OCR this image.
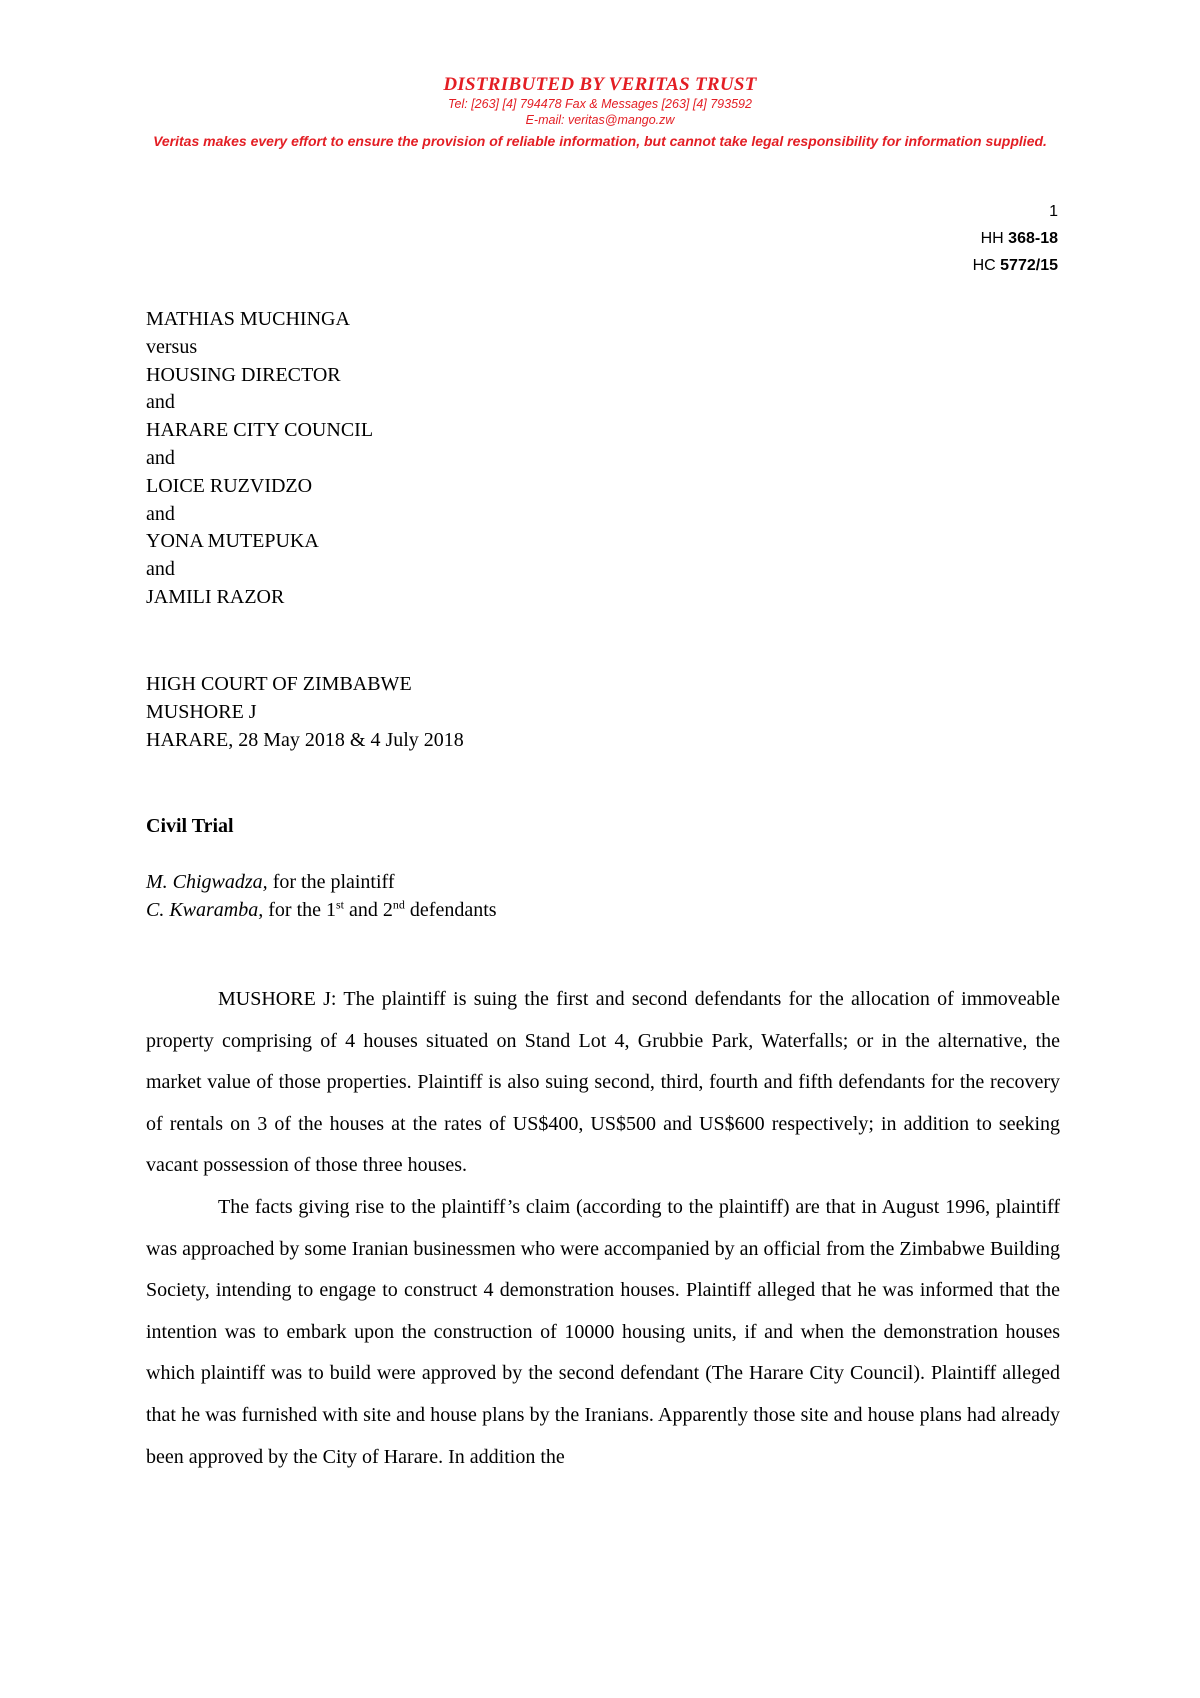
DISTRIBUTED BY VERITAS TRUST
Tel: [263] [4] 794478 Fax & Messages [263] [4] 793592
E-mail: veritas@mango.zw
Veritas makes every effort to ensure the provision of reliable information, but cannot take legal responsibility for information supplied.
1
HH 368-18
HC 5772/15
MATHIAS MUCHINGA
versus
HOUSING DIRECTOR
and
HARARE CITY COUNCIL
and
LOICE RUZVIDZO
and
YONA MUTEPUKA
and
JAMILI RAZOR
HIGH COURT OF ZIMBABWE
MUSHORE J
HARARE, 28 May 2018 & 4 July 2018
Civil Trial
M. Chigwadza, for the plaintiff
C. Kwaramba, for the 1st and 2nd defendants

MUSHORE J: The plaintiff is suing the first and second defendants for the allocation of immoveable property comprising of 4 houses situated on Stand Lot 4, Grubbie Park, Waterfalls; or in the alternative, the market value of those properties. Plaintiff is also suing second, third, fourth and fifth defendants for the recovery of rentals on 3 of the houses at the rates of US$400, US$500 and US$600 respectively; in addition to seeking vacant possession of those three houses.

The facts giving rise to the plaintiff’s claim (according to the plaintiff) are that in August 1996, plaintiff was approached by some Iranian businessmen who were accompanied by an official from the Zimbabwe Building Society, intending to engage to construct 4 demonstration houses. Plaintiff alleged that he was informed that the intention was to embark upon the construction of 10000 housing units, if and when the demonstration houses which plaintiff was to build were approved by the second defendant (The Harare City Council). Plaintiff alleged that he was furnished with site and house plans by the Iranians. Apparently those site and house plans had already been approved by the City of Harare. In addition the
